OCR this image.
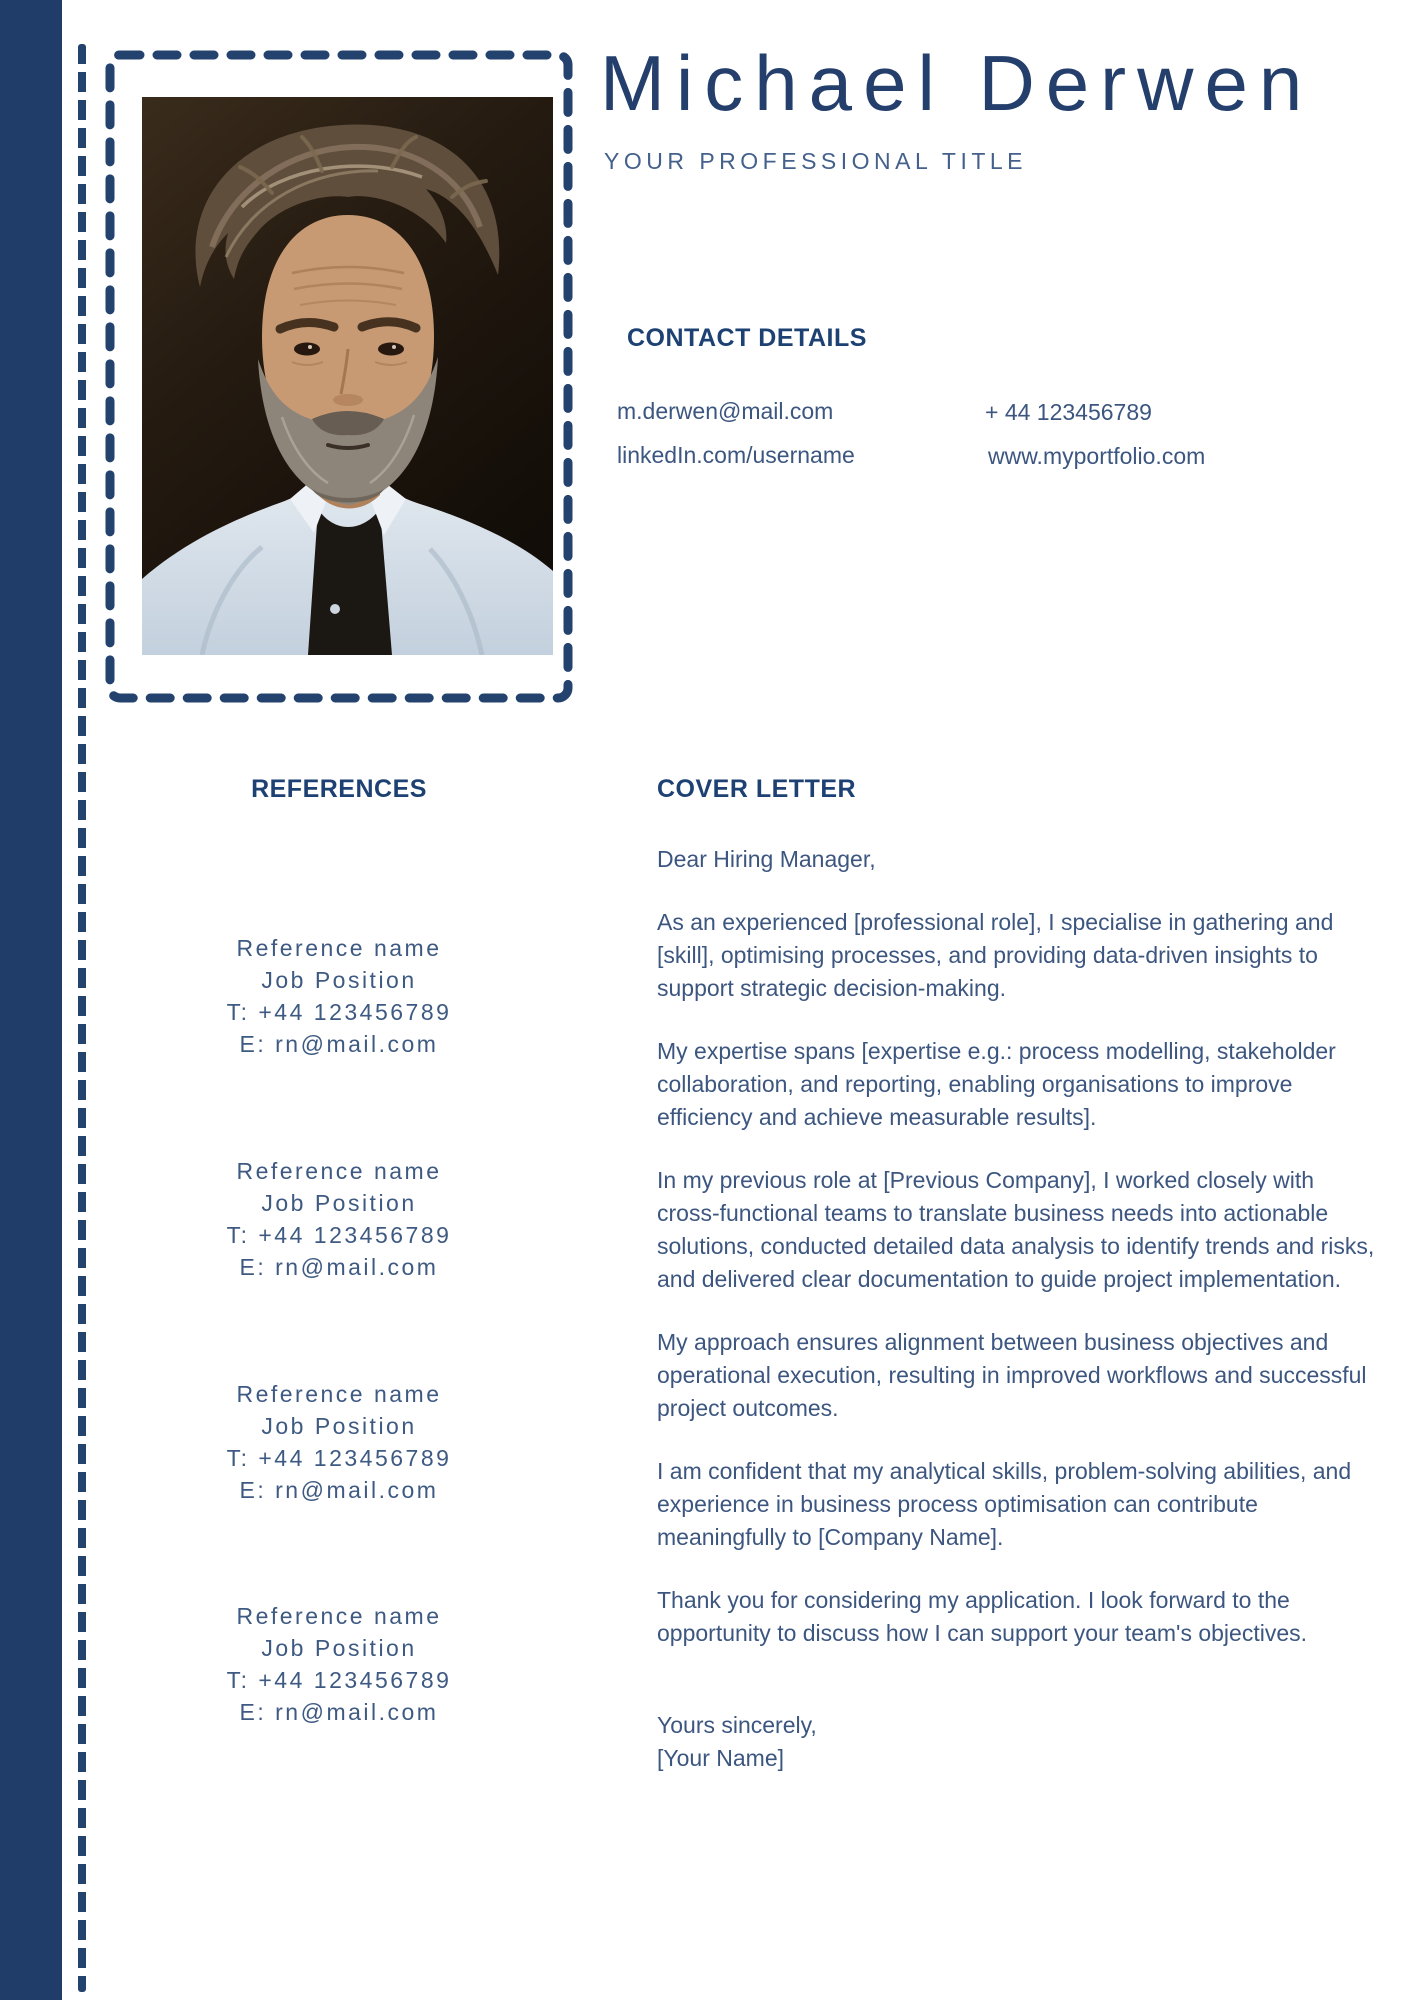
Michael Derwen
YOUR PROFESSIONAL TITLE
CONTACT DETAILS
m.derwen@mail.com	+ 44 123456789
linkedIn.com/username	www.myportfolio.com
REFERENCES
Reference name
Job Position
T: +44 123456789
E: rn@mail.com
Reference name
Job Position
T: +44 123456789
E: rn@mail.com
Reference name
Job Position
T: +44 123456789
E: rn@mail.com
Reference name
Job Position
T: +44 123456789
E: rn@mail.com
COVER LETTER

Dear Hiring Manager,

As an experienced [professional role], I specialise in gathering and [skill], optimising processes, and providing data-driven insights to support strategic decision-making.

My expertise spans [expertise e.g.: process modelling, stakeholder collaboration, and reporting, enabling organisations to improve efficiency and achieve measurable results].

In my previous role at [Previous Company], I worked closely with cross-functional teams to translate business needs into actionable solutions, conducted detailed data analysis to identify trends and risks, and delivered clear documentation to guide project implementation.

My approach ensures alignment between business objectives and operational execution, resulting in improved workflows and successful project outcomes.

I am confident that my analytical skills, problem-solving abilities, and experience in business process optimisation can contribute meaningfully to [Company Name].

Thank you for considering my application. I look forward to the opportunity to discuss how I can support your team's objectives.

Yours sincerely,
[Your Name]
